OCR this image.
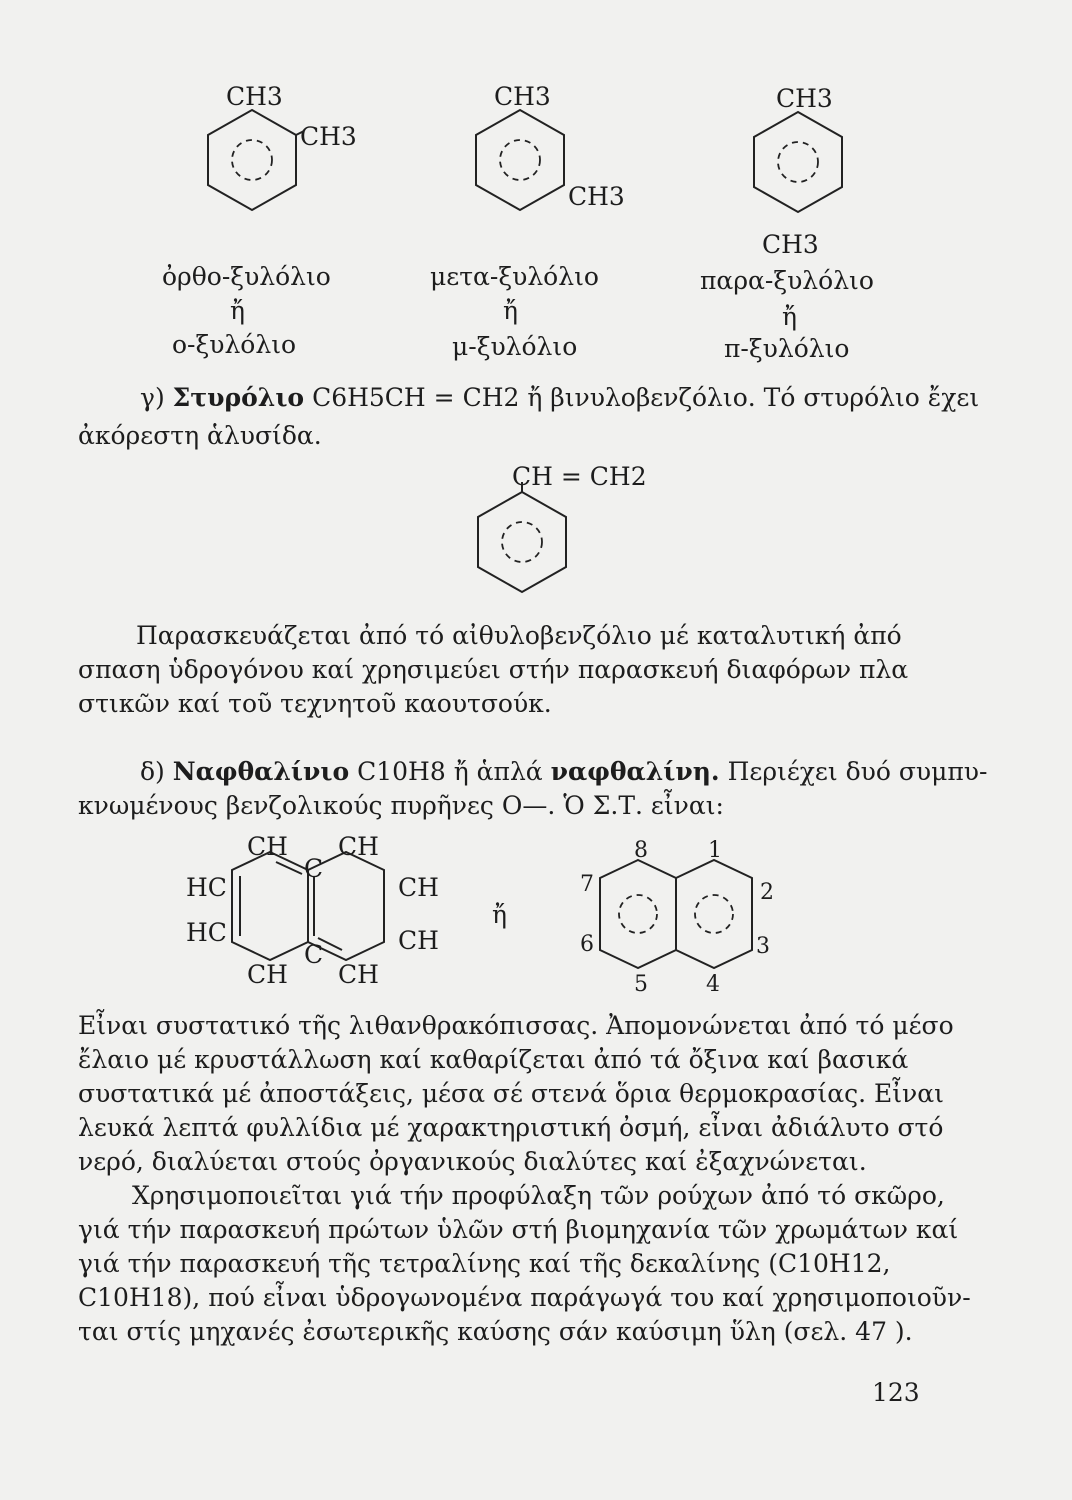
CH3
CH3
ὀρθο-ξυλόλιο
ἤ
ο-ξυλόλιο
CH3
CH3
μετα-ξυλόλιο
ἤ
μ-ξυλόλιο
CH3
CH3
παρα-ξυλόλιο
ἤ
π-ξυλόλιο
γ) Στυρόλιο C6H5CH = CH2 ἤ βινυλοβενζόλιο. Τό στυρόλιο ἔχει
ἀκόρεστη ἁλυσίδα.
CH = CH2
Παρασκευάζεται ἀπό τό αἰθυλοβενζόλιο μέ καταλυτική ἀπό
σπαση ὑδρογόνου καί χρησιμεύει στήν παρασκευή διαφόρων πλα
στικῶν καί τοῦ τεχνητοῦ καουτσούκ.
δ) Ναφθαλίνιο C10H8 ἤ ἁπλά ναφθαλίνη. Περιέχει δυό συμπυ-
κνωμένους βενζολικούς πυρῆνες Ο—. Ὁ Σ.Τ. εἶναι:
CH CH
C
HC	CH
HC	CH
C
CH CH
ἤ
8	1
7	2
6	3
5	4
Εἶναι συστατικό τῆς λιθανθρακόπισσας. Ἀπομονώνεται ἀπό τό μέσο
ἔλαιο μέ κρυστάλλωση καί καθαρίζεται ἀπό τά ὄξινα καί βασικά
συστατικά μέ ἀποστάξεις, μέσα σέ στενά ὅρια θερμοκρασίας. Εἶναι
λευκά λεπτά φυλλίδια μέ χαρακτηριστική ὀσμή, εἶναι ἀδιάλυτο στό
νερό, διαλύεται στούς ὀργανικούς διαλύτες καί ἐξαχνώνεται.
Χρησιμοποιεῖται γιά τήν προφύλαξη τῶν ρούχων ἀπό τό σκῶρο,
γιά τήν παρασκευή πρώτων ὑλῶν στή βιομηχανία τῶν χρωμάτων καί
γιά τήν παρασκευή τῆς τετραλίνης καί τῆς δεκαλίνης (C10H12,
C10H18), πού εἶναι ὑδρογωνομένα παράγωγά του καί χρησιμοποιοῦν-
ται στίς μηχανές ἐσωτερικῆς καύσης σάν καύσιμη ὕλη (σελ. 47 ).
123
